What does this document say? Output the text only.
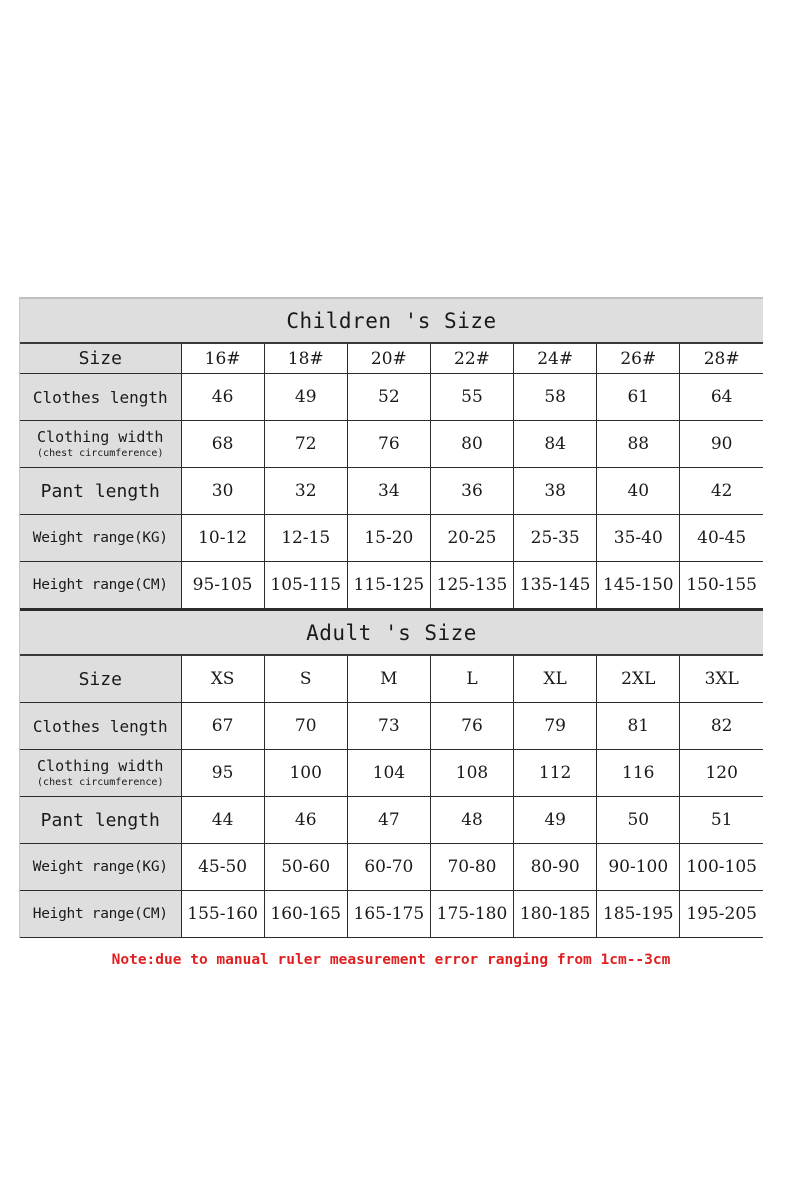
Children 's Size
Size	16#	18#	20#	22#	24#	26#	28#
Clothes length	46	49	52	55	58	61	64

Clothing width
(chest circumference)	68	72	76	80	84	88	90
Pant length	30	32	34	36	38	40	42
Weight range(KG)	10-12	12-15	15-20	20-25	25-35	35-40	40-45
Height range(CM)	95-105	105-115	115-125	125-135	135-145	145-150	150-155
Adult 's Size
Size	XS	S	M	L	XL	2XL	3XL
Clothes length	67	70	73	76	79	81	82

Clothing width
(chest circumference)	95	100	104	108	112	116	120
Pant length	44	46	47	48	49	50	51
Weight range(KG)	45-50	50-60	60-70	70-80	80-90	90-100	100-105
Height range(CM)	155-160	160-165	165-175	175-180	180-185	185-195	195-205
Note:due to manual ruler measurement error ranging from 1cm--3cm
